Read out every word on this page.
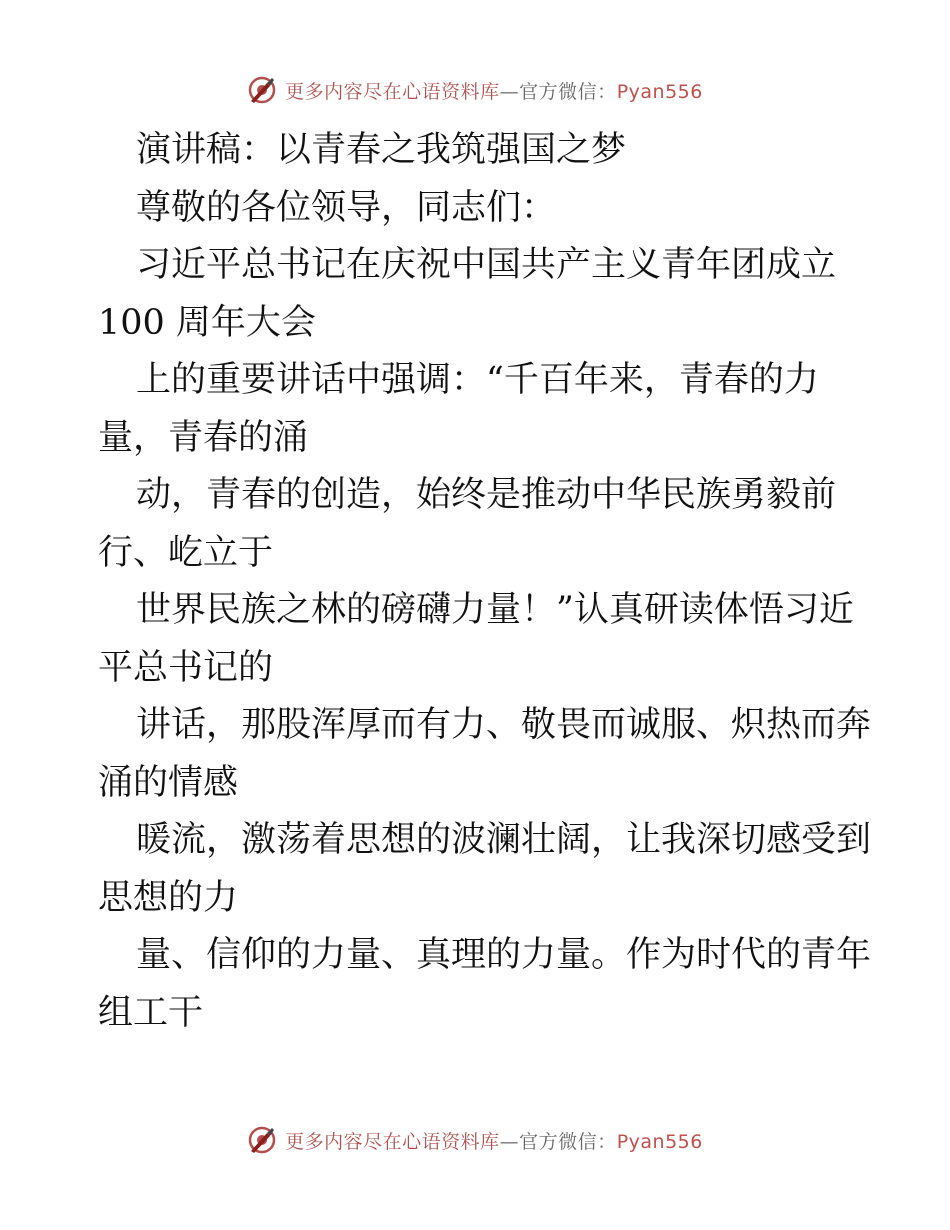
更多内容尽在心语资料库—官方微信：Pyan556
演讲稿：以青春之我筑强国之梦
尊敬的各位领导，同志们：
习近平总书记在庆祝中国共产主义青年团成立
100 周年大会
上的重要讲话中强调：“千百年来，青春的力
量，青春的涌
动，青春的创造，始终是推动中华民族勇毅前
行、屹立于
世界民族之林的磅礴力量！”认真研读体悟习近
平总书记的
讲话，那股浑厚而有力、敬畏而诚服、炽热而奔
涌的情感
暖流，激荡着思想的波澜壮阔，让我深切感受到
思想的力
量、信仰的力量、真理的力量。作为时代的青年
组工干
更多内容尽在心语资料库—官方微信：Pyan556
